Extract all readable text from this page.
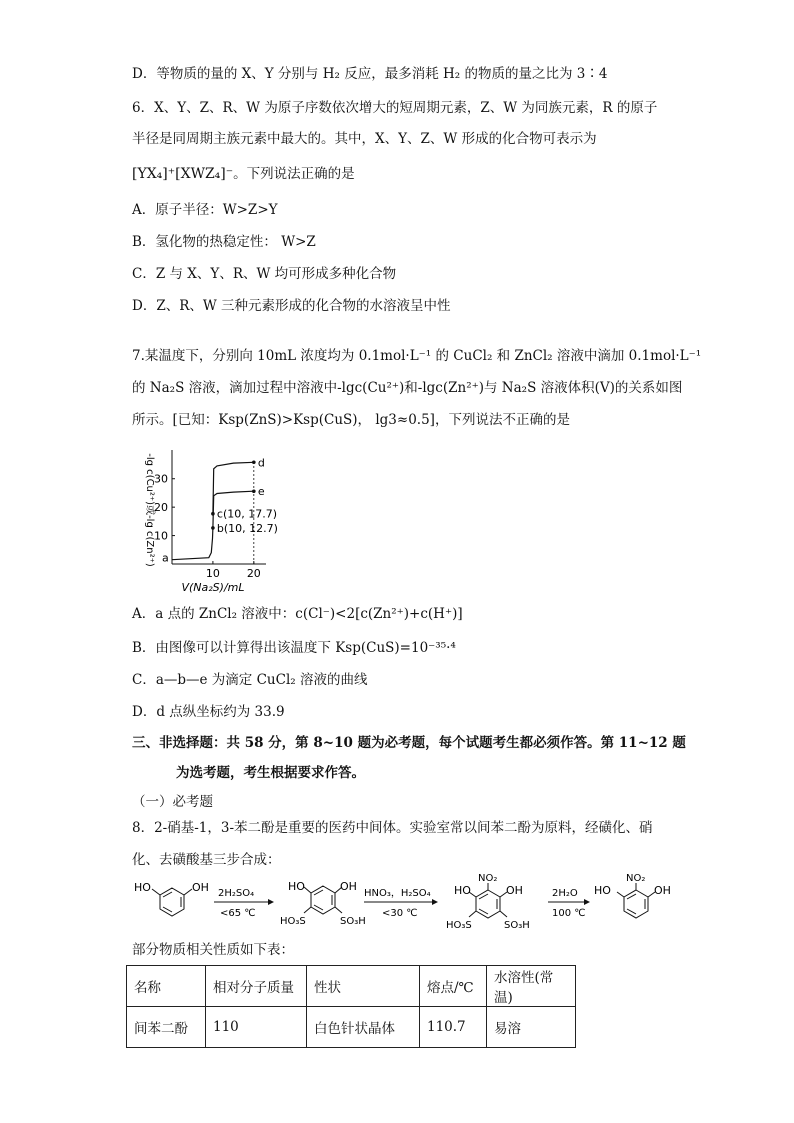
D．等物质的量的 X、Y 分别与 H₂ 反应，最多消耗 H₂ 的物质的量之比为 3∶4
6．X、Y、Z、R、W 为原子序数依次增大的短周期元素，Z、W 为同族元素，R 的原子
半径是同周期主族元素中最大的。其中，X、Y、Z、W 形成的化合物可表示为
[YX₄]⁺[XWZ₄]⁻。下列说法正确的是
A．原子半径：W>Z>Y
B．氢化物的热稳定性： W>Z
C．Z 与 X、Y、R、W 均可形成多种化合物
D．Z、R、W 三种元素形成的化合物的水溶液呈中性
7.某温度下，分别向 10mL 浓度均为 0.1mol·L⁻¹ 的 CuCl₂ 和 ZnCl₂ 溶液中滴加 0.1mol·L⁻¹
的 Na₂S 溶液，滴加过程中溶液中-lgc(Cu²⁺)和-lgc(Zn²⁺)与 Na₂S 溶液体积(V)的关系如图
所示。[已知：Ksp(ZnS)>Ksp(CuS)， lg3≈0.5]，下列说法不正确的是
10
20
30
10 20
a
b(10, 12.7)
c(10, 17.7)
d
e
V(Na₂S)/mL
-lg c(Cu²⁺)或-lg c(Zn²⁺)
A．a 点的 ZnCl₂ 溶液中：c(Cl⁻)<2[c(Zn²⁺)+c(H⁺)]
B．由图像可以计算得出该温度下 Ksp(CuS)=10⁻³⁵·⁴
C．a—b—e 为滴定 CuCl₂ 溶液的曲线
D．d 点纵坐标约为 33.9
三、非选择题：共 58 分，第 8~10 题为必考题，每个试题考生都必须作答。第 11~12 题
为选考题，考生根据要求作答。
（一）必考题
8．2-硝基-1，3-苯二酚是重要的医药中间体。实验室常以间苯二酚为原料，经磺化、硝
化、去磺酸基三步合成：
HO	OH 2H₂SO₄
<65 ℃
HO	OH
HO₃S	SO₃H
HNO₃，H₂SO₄
<30 ℃
NO₂
HO	OH
HO₃S	SO₃H
2H₂O
100 ℃
NO₂
HO	OH
部分物质相关性质如下表：
名称	相对分子质量	性状	熔点/℃	水溶性(常温)
间苯二酚	110	白色针状晶体	110.7	易溶
